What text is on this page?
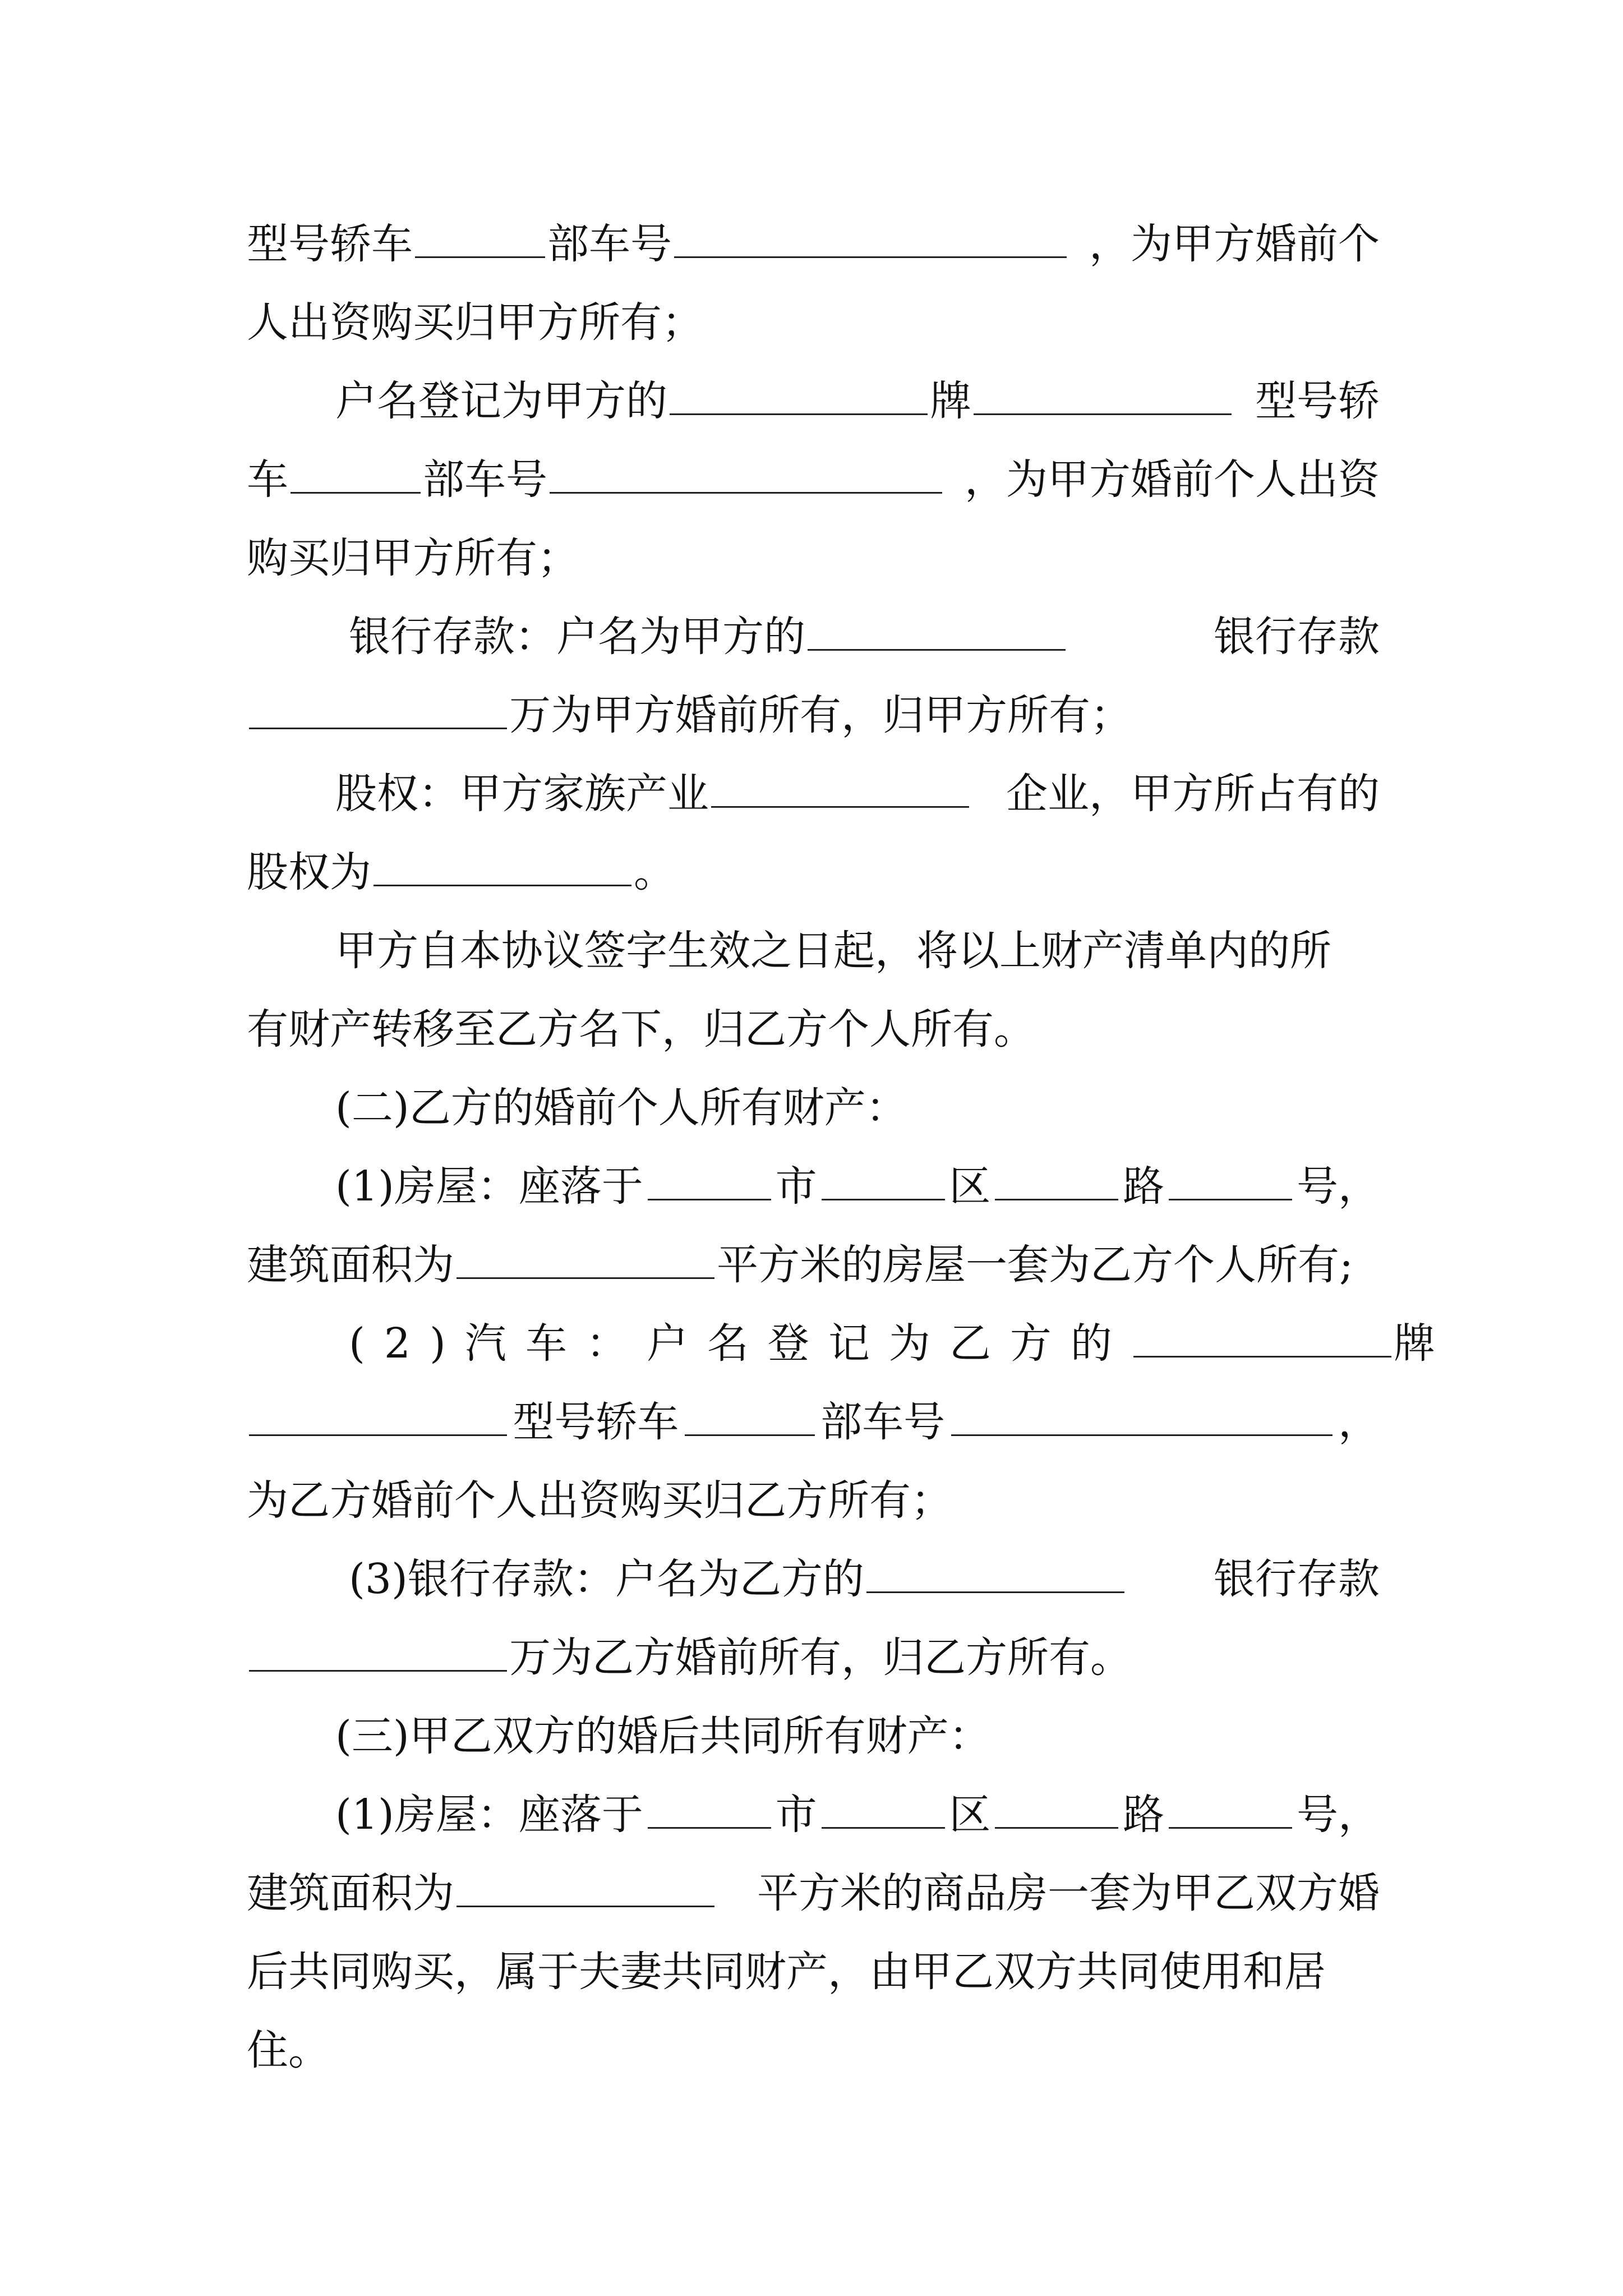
型号轿车	部车号	，为甲方婚前个
人出资购买归甲方所有；
户名登记为甲方的	牌	型号轿
车	部车号	，为甲方婚前个人出资
购买归甲方所有；
银行存款：户名为甲方的	银行存款
万为甲方婚前所有，归甲方所有；
股权：甲方家族产业	企业，甲方所占有的
股权为	。
甲方自本协议签字生效之日起，将以上财产清单内的所
有财产转移至乙方名下，归乙方个人所有。
(二)乙方的婚前个人所有财产：
(1)房屋：座落于	市	区	路	号，
建筑面积为	平方米的房屋一套为乙方个人所有;
(2)汽车：户名登记为乙方的	牌
型号轿车	部车号	，
为乙方婚前个人出资购买归乙方所有；
(3)银行存款：户名为乙方的	银行存款
万为乙方婚前所有，归乙方所有。
(三)甲乙双方的婚后共同所有财产：
(1)房屋：座落于	市	区	路	号，
建筑面积为	平方米的商品房一套为甲乙双方婚
后共同购买，属于夫妻共同财产，由甲乙双方共同使用和居
住。
